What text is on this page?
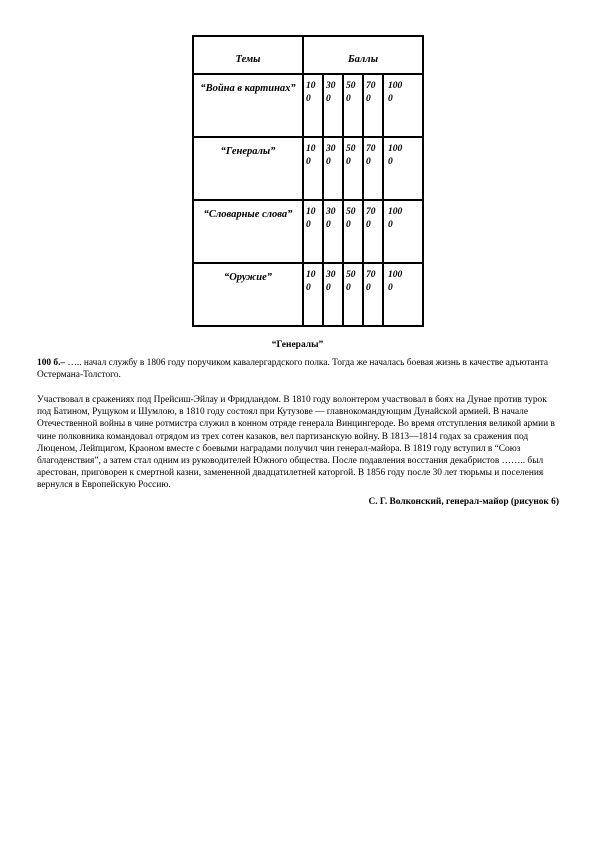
Темы	Баллы				

“Война в картинах”	100	300	500	700	1000

“Генералы”	100	300	500	700	1000

“Словарные слова”	100	300	500	700	1000

“Оружие”	100	300	500	700	1000
“Генералы”

100 б.– ….. начал службу в 1806 году поручиком кавалергардского полка. Тогда же началась боевая жизнь в качестве адъютанта Остермана-Толстого.

Участвовал в сражениях под Прейсиш-Эйлау и Фридландом. В 1810 году волонтером участвовал в боях на Дунае против турок под Батином, Рущуком и Шумлою, в 1810 году состоял при Кутузове — главнокомандующим Дунайской армией. В начале Отечественной войны в чине ротмистра служил в конном отряде генерала Винцингероде. Во время отступления великой армии в чине полковника командовал отрядом из трех сотен казаков, вел партизанскую войну. В 1813—1814 годах за сражения под Люценом, Лейпцигом, Краоном вместе с боевыми наградами получил чин генерал-майора. В 1819 году вступил в “Союз благоденствия”, а затем стал одним из руководителей Южного общества. После подавления восстания декабристов …….. был арестован, приговорен к смертной казни, замененной двадцатилетней каторгой. В 1856 году после 30 лет тюрьмы и поселения вернулся в Европейскую Россию.

С. Г. Волконский, генерал-майор (рисунок 6)
